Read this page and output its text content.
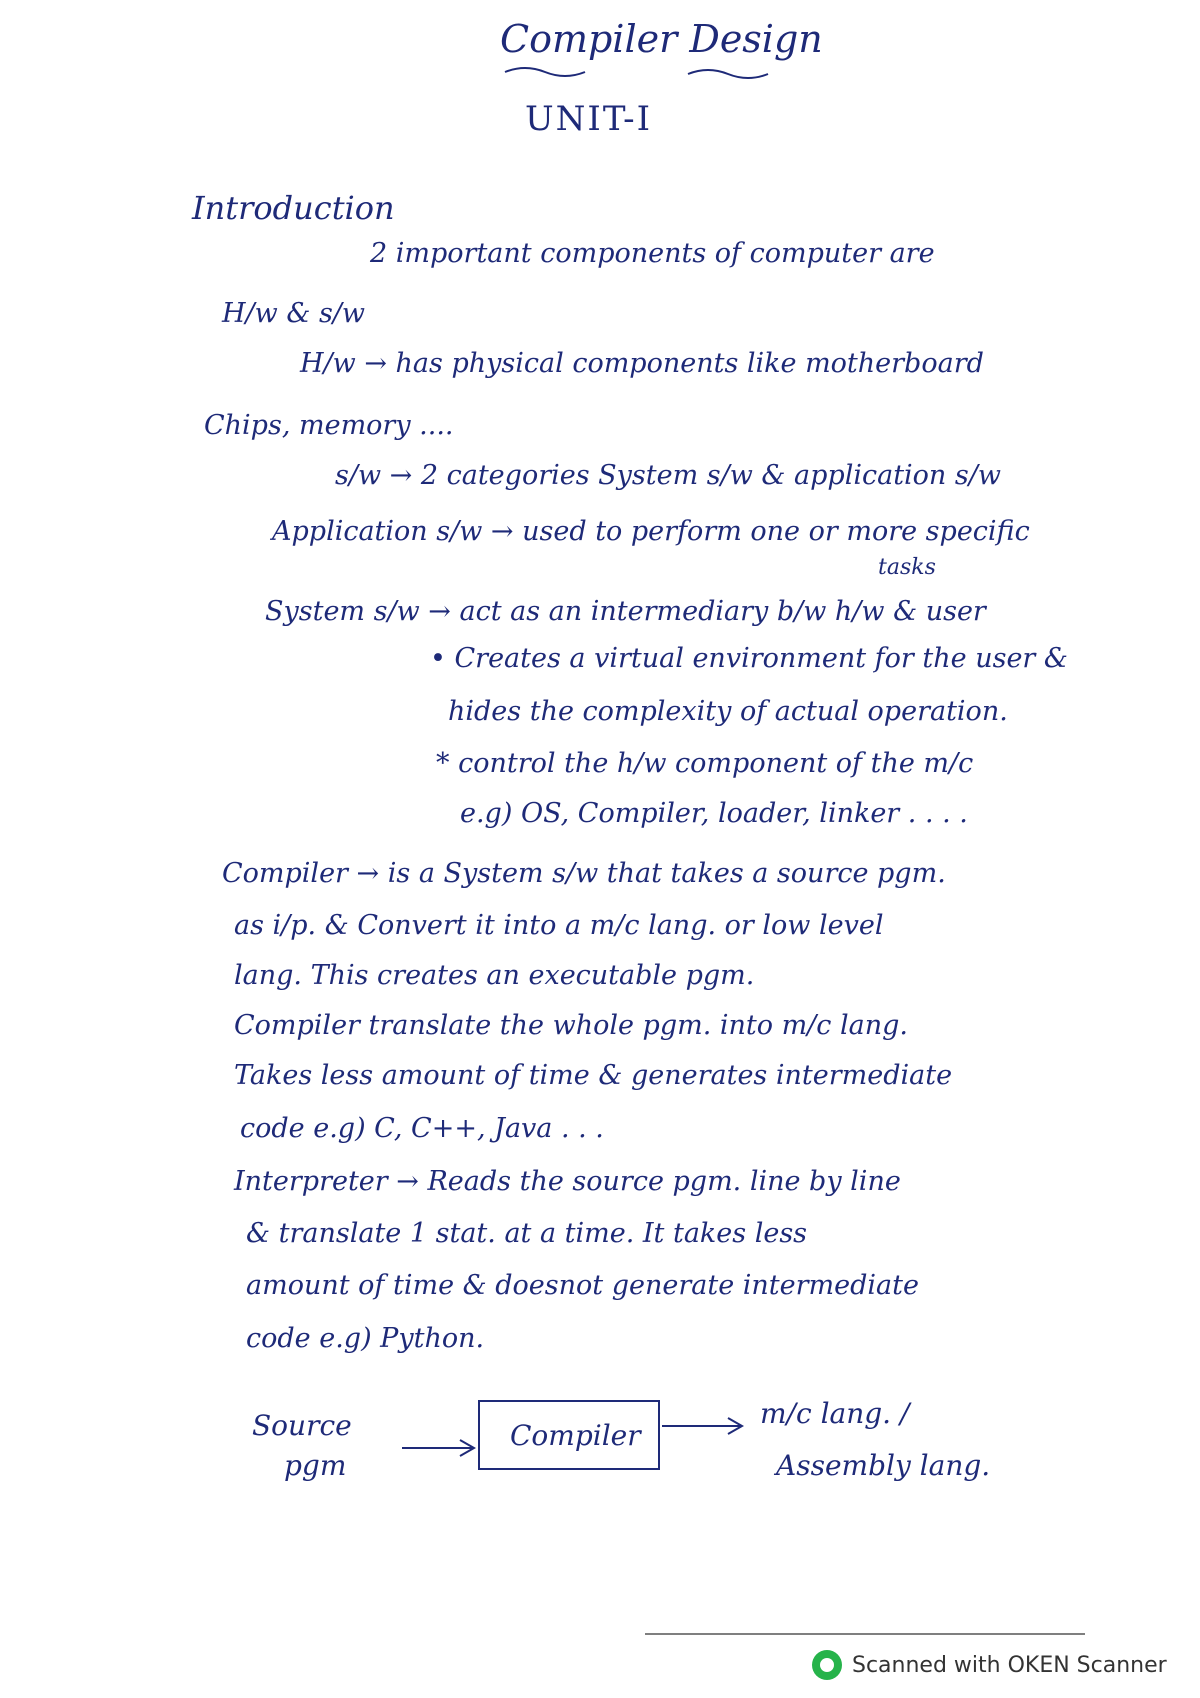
Compiler Design
UNIT-I
Introduction
2 important components of computer are
H/w & s/w
H/w → has physical components like motherboard
Chips, memory ....
s/w → 2 categories System s/w & application s/w
Application s/w → used to perform one or more specific
tasks
System s/w → act as an intermediary b/w h/w & user
• Creates a virtual environment for the user &
hides the complexity of actual operation.
* control the h/w component of the m/c
e.g) OS, Compiler, loader, linker . . . .
Compiler → is a System s/w that takes a source pgm.
as i/p. & Convert it into a m/c lang. or low level
lang. This creates an executable pgm.
Compiler translate the whole pgm. into m/c lang.
Takes less amount of time & generates intermediate
code e.g) C, C++, Java . . .
Interpreter → Reads the source pgm. line by line
& translate 1 stat. at a time. It takes less
amount of time & doesnot generate intermediate
code e.g) Python.
Source
pgm
Compiler
m/c lang. /
Assembly lang.
Scanned with OKEN Scanner
